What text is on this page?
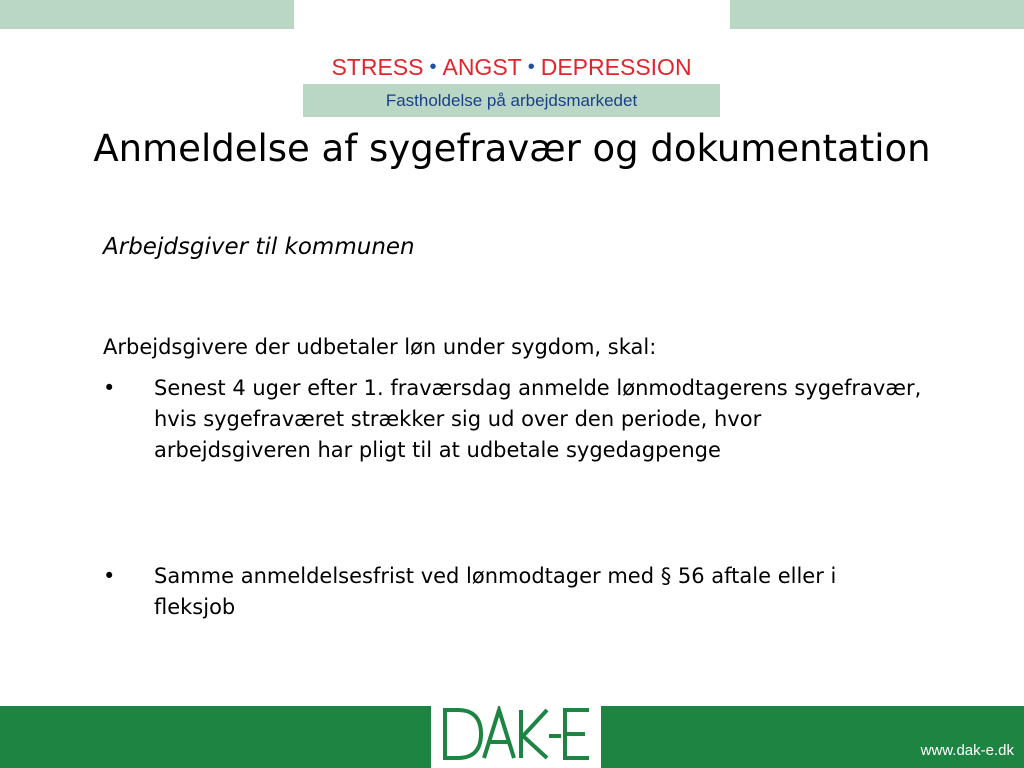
STRESS • ANGST • DEPRESSION
Fastholdelse på arbejdsmarkedet
Anmeldelse af sygefravær og dokumentation
Arbejdsgiver til kommunen
Arbejdsgivere der udbetaler løn under sygdom, skal:
•	Senest 4 uger efter 1. fraværsdag anmelde lønmodtagerens sygefravær, hvis sygefraværet strækker sig ud over den periode, hvor arbejdsgiveren har pligt til at udbetale sygedagpenge
•	Samme anmeldelsesfrist ved lønmodtager med § 56 aftale eller i fleksjob
www.dak-e.dk
